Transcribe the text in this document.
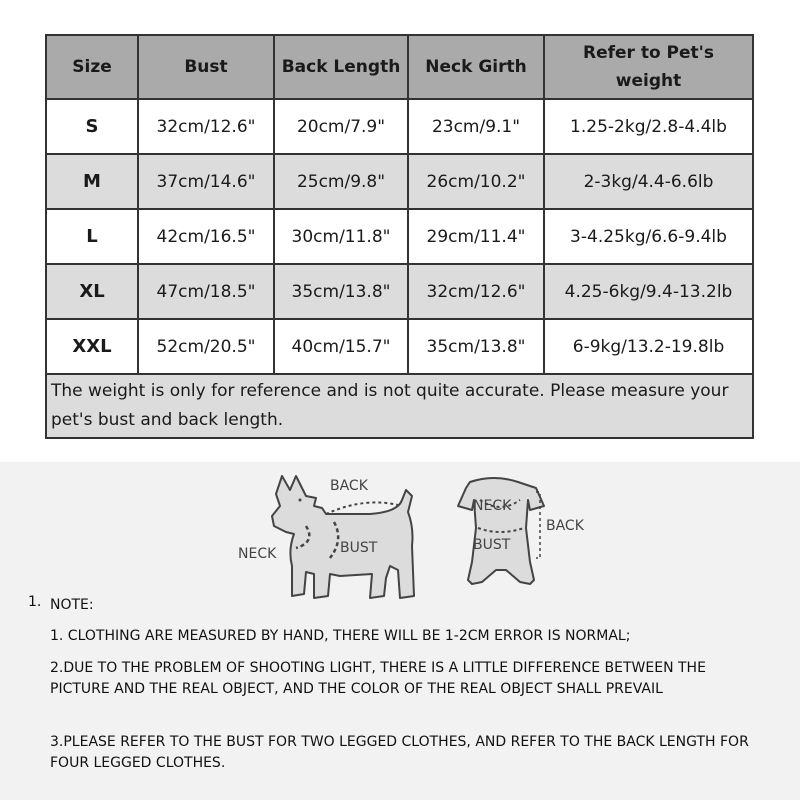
Size	Bust	Back Length	Neck Girth	Refer to Pet's
weight
S	32cm/12.6"	20cm/7.9"	23cm/9.1"	1.25-2kg/2.8-4.4lb
M	37cm/14.6"	25cm/9.8"	26cm/10.2"	2-3kg/4.4-6.6lb
L	42cm/16.5"	30cm/11.8"	29cm/11.4"	3-4.25kg/6.6-9.4lb
XL	47cm/18.5"	35cm/13.8"	32cm/12.6"	4.25-6kg/9.4-13.2lb
XXL	52cm/20.5"	40cm/15.7"	35cm/13.8"	6-9kg/13.2-19.8lb
The weight is only for reference and is not quite accurate. Please measure your pet's bust and back length.				
BACK
NECK	BUST
NECK
BUST
BACK
1. NOTE:
1. CLOTHING ARE MEASURED BY HAND, THERE WILL BE 1-2CM ERROR IS NORMAL;
2.DUE TO THE PROBLEM OF SHOOTING LIGHT, THERE IS A LITTLE DIFFERENCE BETWEEN THE PICTURE AND THE REAL OBJECT, AND THE COLOR OF THE REAL OBJECT SHALL PREVAIL
3.PLEASE REFER TO THE BUST FOR TWO LEGGED CLOTHES, AND REFER TO THE BACK LENGTH FOR FOUR LEGGED CLOTHES.
